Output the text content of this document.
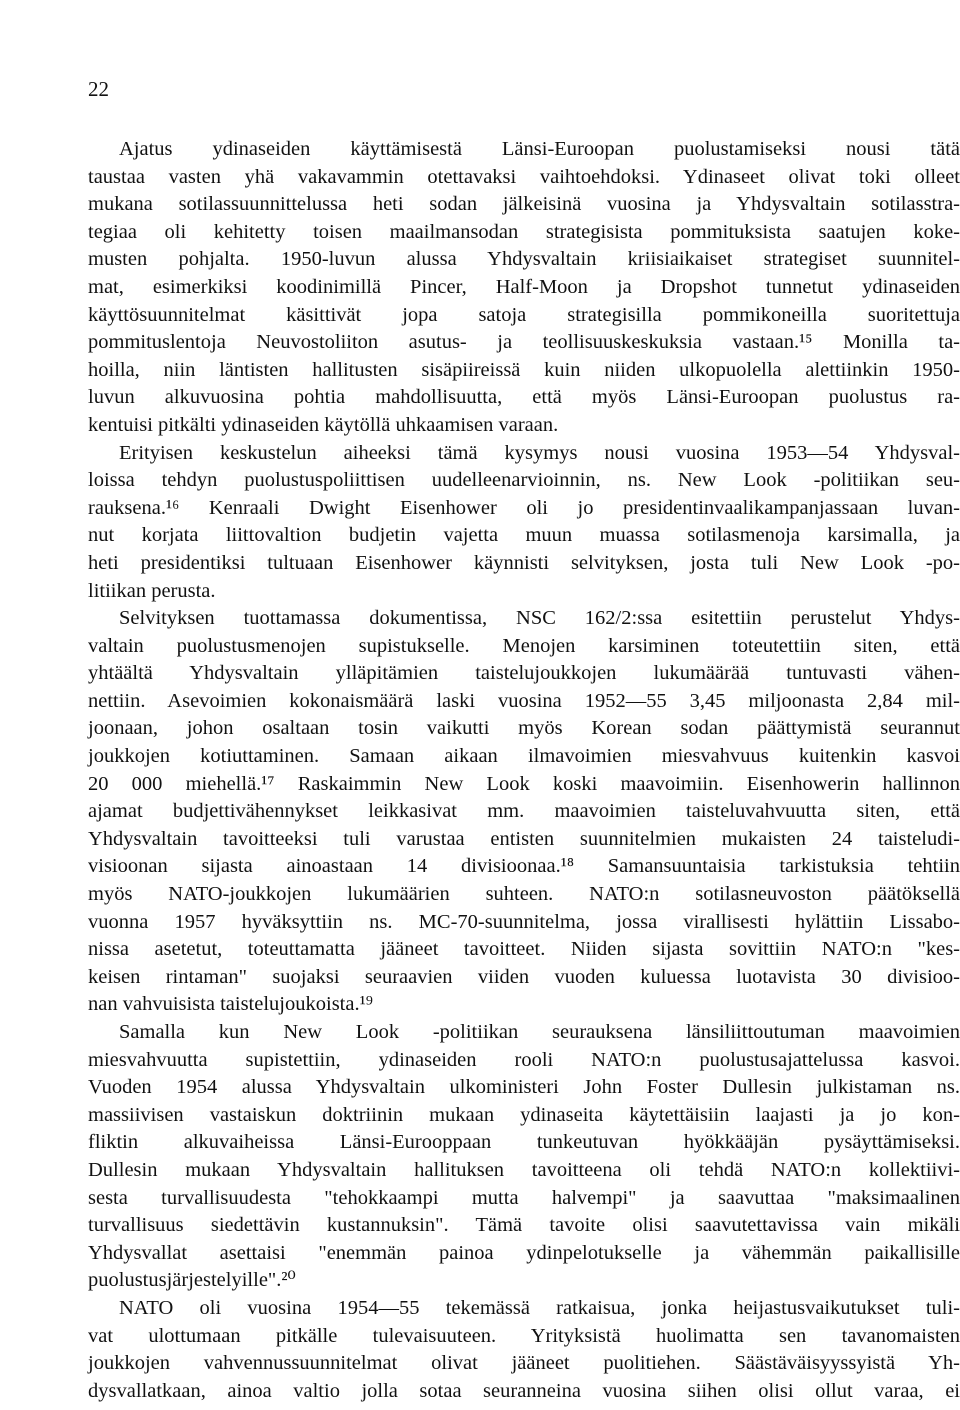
22
Ajatus ydinaseiden käyttämisestä Länsi-Euroopan puolustamiseksi nousi tätä
taustaa vasten yhä vakavammin otettavaksi vaihtoehdoksi. Ydinaseet olivat toki olleet
mukana sotilassuunnittelussa heti sodan jälkeisinä vuosina ja Yhdysvaltain sotilasstra-
tegiaa oli kehitetty toisen maailmansodan strategisista pommituksista saatujen koke-
musten pohjalta. 1950-luvun alussa Yhdysvaltain kriisiaikaiset strategiset suunnitel-
mat, esimerkiksi koodinimillä Pincer, Half-Moon ja Dropshot tunnetut ydinaseiden
käyttösuunnitelmat käsittivät jopa satoja strategisilla pommikoneilla suoritettuja
pommituslentoja Neuvostoliiton asutus- ja teollisuuskeskuksia vastaan.¹⁵ Monilla ta-
hoilla, niin läntisten hallitusten sisäpiireissä kuin niiden ulkopuolella alettiinkin 1950-
luvun alkuvuosina pohtia mahdollisuutta, että myös Länsi-Euroopan puolustus ra-
kentuisi pitkälti ydinaseiden käytöllä uhkaamisen varaan.
Erityisen keskustelun aiheeksi tämä kysymys nousi vuosina 1953—54 Yhdysval-
loissa tehdyn puolustuspoliittisen uudelleenarvioinnin, ns. New Look -politiikan seu-
rauksena.¹⁶ Kenraali Dwight Eisenhower oli jo presidentinvaalikampanjassaan luvan-
nut korjata liittovaltion budjetin vajetta muun muassa sotilasmenoja karsimalla, ja
heti presidentiksi tultuaan Eisenhower käynnisti selvityksen, josta tuli New Look -po-
litiikan perusta.
Selvityksen tuottamassa dokumentissa, NSC 162/2:ssa esitettiin perustelut Yhdys-
valtain puolustusmenojen supistukselle. Menojen karsiminen toteutettiin siten, että
yhtäältä Yhdysvaltain ylläpitämien taistelujoukkojen lukumäärää tuntuvasti vähen-
nettiin. Asevoimien kokonaismäärä laski vuosina 1952—55 3,45 miljoonasta 2,84 mil-
joonaan, johon osaltaan tosin vaikutti myös Korean sodan päättymistä seurannut
joukkojen kotiuttaminen. Samaan aikaan ilmavoimien miesvahvuus kuitenkin kasvoi
20 000 miehellä.¹⁷ Raskaimmin New Look koski maavoimiin. Eisenhowerin hallinnon
ajamat budjettivähennykset leikkasivat mm. maavoimien taisteluvahvuutta siten, että
Yhdysvaltain tavoitteeksi tuli varustaa entisten suunnitelmien mukaisten 24 taisteludi-
visioonan sijasta ainoastaan 14 divisioonaa.¹⁸ Samansuuntaisia tarkistuksia tehtiin
myös NATO-joukkojen lukumäärien suhteen. NATO:n sotilasneuvoston päätöksellä
vuonna 1957 hyväksyttiin ns. MC-70-suunnitelma, jossa virallisesti hylättiin Lissabo-
nissa asetetut, toteuttamatta jääneet tavoitteet. Niiden sijasta sovittiin NATO:n "kes-
keisen rintaman" suojaksi seuraavien viiden vuoden kuluessa luotavista 30 divisioo-
nan vahvuisista taistelujoukoista.¹⁹
Samalla kun New Look -politiikan seurauksena länsiliittoutuman maavoimien
miesvahvuutta supistettiin, ydinaseiden rooli NATO:n puolustusajattelussa kasvoi.
Vuoden 1954 alussa Yhdysvaltain ulkoministeri John Foster Dullesin julkistaman ns.
massiivisen vastaiskun doktriinin mukaan ydinaseita käytettäisiin laajasti ja jo kon-
fliktin alkuvaiheissa Länsi-Eurooppaan tunkeutuvan hyökkääjän pysäyttämiseksi.
Dullesin mukaan Yhdysvaltain hallituksen tavoitteena oli tehdä NATO:n kollektiivi-
sesta turvallisuudesta "tehokkaampi mutta halvempi" ja saavuttaa "maksimaalinen
turvallisuus siedettävin kustannuksin". Tämä tavoite olisi saavutettavissa vain mikäli
Yhdysvallat asettaisi "enemmän painoa ydinpelotukselle ja vähemmän paikallisille
puolustusjärjestelyille".²⁰
NATO oli vuosina 1954—55 tekemässä ratkaisua, jonka heijastusvaikutukset tuli-
vat ulottumaan pitkälle tulevaisuuteen. Yrityksistä huolimatta sen tavanomaisten
joukkojen vahvennussuunnitelmat olivat jääneet puolitiehen. Säästäväisyyssyistä Yh-
dysvallatkaan, ainoa valtio jolla sotaa seuranneina vuosina siihen olisi ollut varaa, ei
